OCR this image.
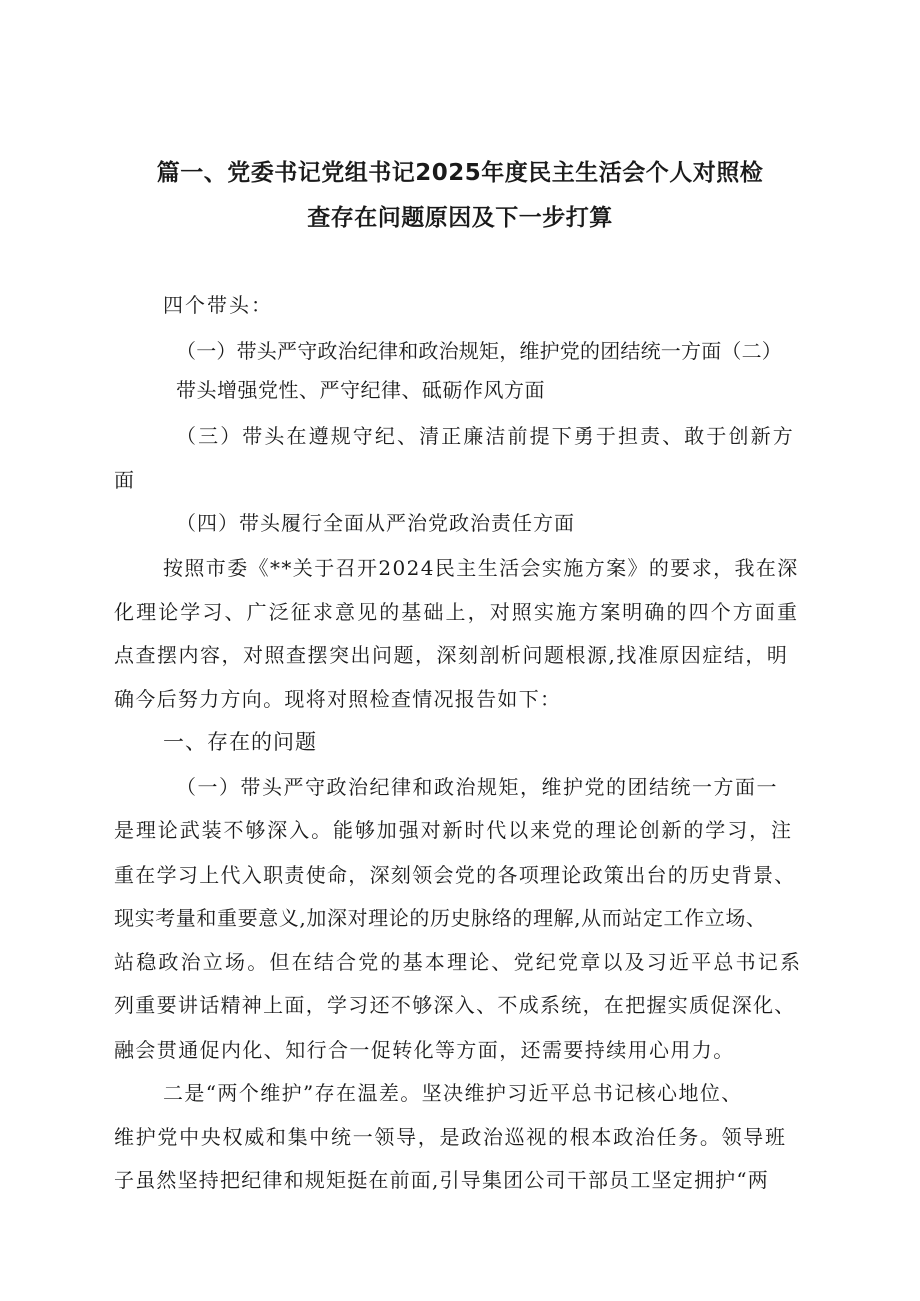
篇一、党委书记党组书记2025年度民主生活会个人对照检
查存在问题原因及下一步打算
四个带头：
（一）带头严守政治纪律和政治规矩，维护党的团结统一方面（二）
带头增强党性、严守纪律、砥砺作风方面
（三）带头在遵规守纪、清正廉洁前提下勇于担责、敢于创新方
面
（四）带头履行全面从严治党政治责任方面
按照市委《**关于召开2024民主生活会实施方案》的要求，我在深
化理论学习、广泛征求意见的基础上，对照实施方案明确的四个方面重
点查摆内容，对照查摆突出问题，深刻剖析问题根源,找准原因症结，明
确今后努力方向。现将对照检查情况报告如下：
一、存在的问题
（一）带头严守政治纪律和政治规矩，维护党的团结统一方面一
是理论武装不够深入。能够加强对新时代以来党的理论创新的学习，注
重在学习上代入职责使命，深刻领会党的各项理论政策出台的历史背景、
现实考量和重要意义,加深对理论的历史脉络的理解,从而站定工作立场、
站稳政治立场。但在结合党的基本理论、党纪党章以及习近平总书记系
列重要讲话精神上面，学习还不够深入、不成系统，在把握实质促深化、
融会贯通促内化、知行合一促转化等方面，还需要持续用心用力。
二是“两个维护”存在温差。坚决维护习近平总书记核心地位、
维护党中央权威和集中统一领导，是政治巡视的根本政治任务。领导班
子虽然坚持把纪律和规矩挺在前面,引导集团公司干部员工坚定拥护“两
